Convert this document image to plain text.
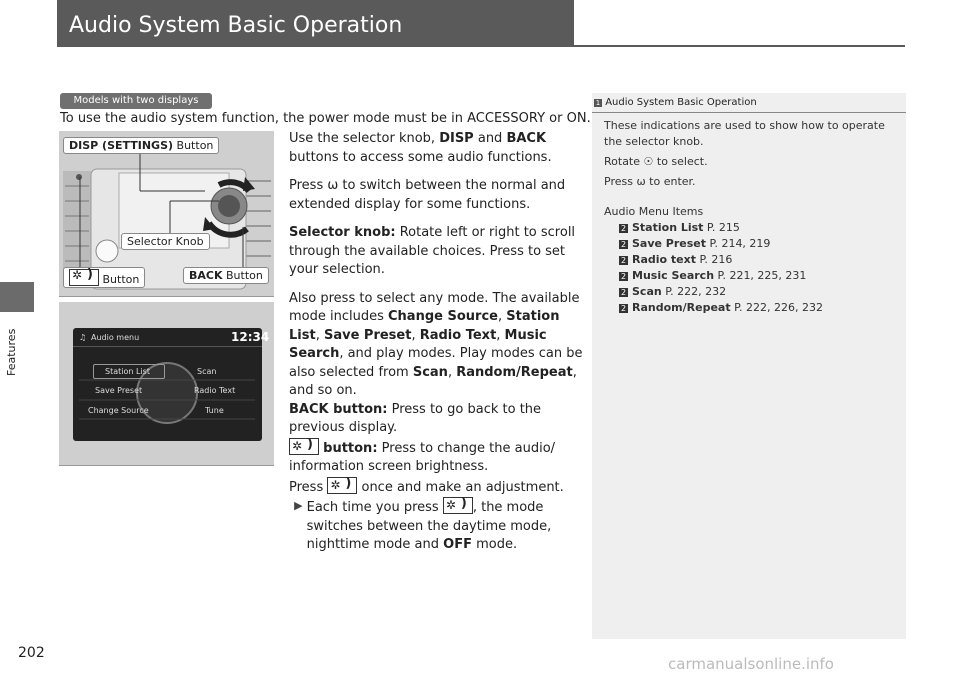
Audio System Basic Operation
Features
Models with two displays
To use the audio system function, the power mode must be in ACCESSORY or ON.
DISP (SETTINGS) Button
Selector Knob
✲ ) Button	BACK Button
♫ Audio menu	12:34
Station List	Scan
Save Preset	Radio Text
Change Source	Tune

Use the selector knob, DISP and BACK buttons to access some audio functions.

Press ω to switch between the normal and extended display for some functions.

Selector knob: Rotate left or right to scroll through the available choices. Press to set your selection.

Also press to select any mode. The available mode includes Change Source, Station List, Save Preset, Radio Text, Music Search, and play modes. Play modes can be also selected from Scan, Random/Repeat, and so on.

BACK button: Press to go back to the previous display.

✲ ) button: Press to change the audio/ information screen brightness.

Press ✲ ) once and make an adjustment.

▶ Each time you press ✲ ), the mode switches between the daytime mode, nighttime mode and OFF mode.
1 Audio System Basic Operation

These indications are used to show how to operate the selector knob.

Rotate ☉ to select.

Press ω to enter.

Audio Menu Items
2 Station List P. 215
2 Save Preset P. 214, 219
2 Radio text P. 216
2 Music Search P. 221, 225, 231
2 Scan P. 222, 232
2 Random/Repeat P. 222, 226, 232
202
carmanualsonline.info
